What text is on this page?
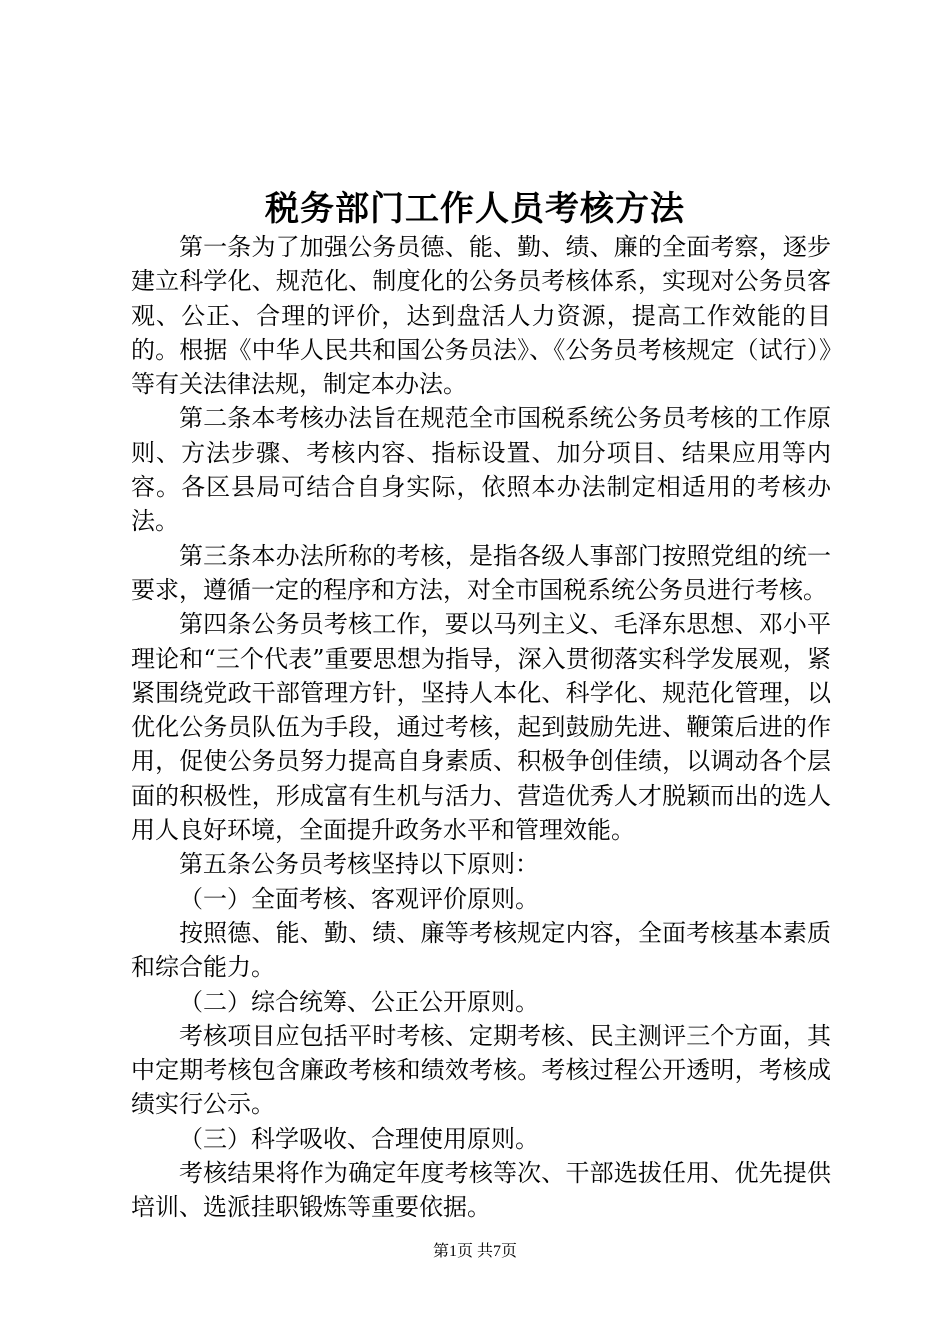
税务部门工作人员考核方法

第一条为了加强公务员德、能、勤、绩、廉的全面考察，逐步建立科学化、规范化、制度化的公务员考核体系，实现对公务员客观、公正、合理的评价，达到盘活人力资源，提高工作效能的目的。根据《中华人民共和国公务员法》、《公务员考核规定（试行）》等有关法律法规，制定本办法。

第二条本考核办法旨在规范全市国税系统公务员考核的工作原则、方法步骤、考核内容、指标设置、加分项目、结果应用等内容。各区县局可结合自身实际，依照本办法制定相适用的考核办法。

第三条本办法所称的考核，是指各级人事部门按照党组的统一要求，遵循一定的程序和方法，对全市国税系统公务员进行考核。

第四条公务员考核工作，要以马列主义、毛泽东思想、邓小平理论和“三个代表”重要思想为指导，深入贯彻落实科学发展观，紧紧围绕党政干部管理方针，坚持人本化、科学化、规范化管理，以优化公务员队伍为手段，通过考核，起到鼓励先进、鞭策后进的作用，促使公务员努力提高自身素质、积极争创佳绩，以调动各个层面的积极性，形成富有生机与活力、营造优秀人才脱颖而出的选人用人良好环境，全面提升政务水平和管理效能。

第五条公务员考核坚持以下原则：

（一）全面考核、客观评价原则。

按照德、能、勤、绩、廉等考核规定内容，全面考核基本素质和综合能力。

（二）综合统筹、公正公开原则。

考核项目应包括平时考核、定期考核、民主测评三个方面，其中定期考核包含廉政考核和绩效考核。考核过程公开透明，考核成绩实行公示。

（三）科学吸收、合理使用原则。

考核结果将作为确定年度考核等次、干部选拔任用、优先提供培训、选派挂职锻炼等重要依据。

第1页 共7页
